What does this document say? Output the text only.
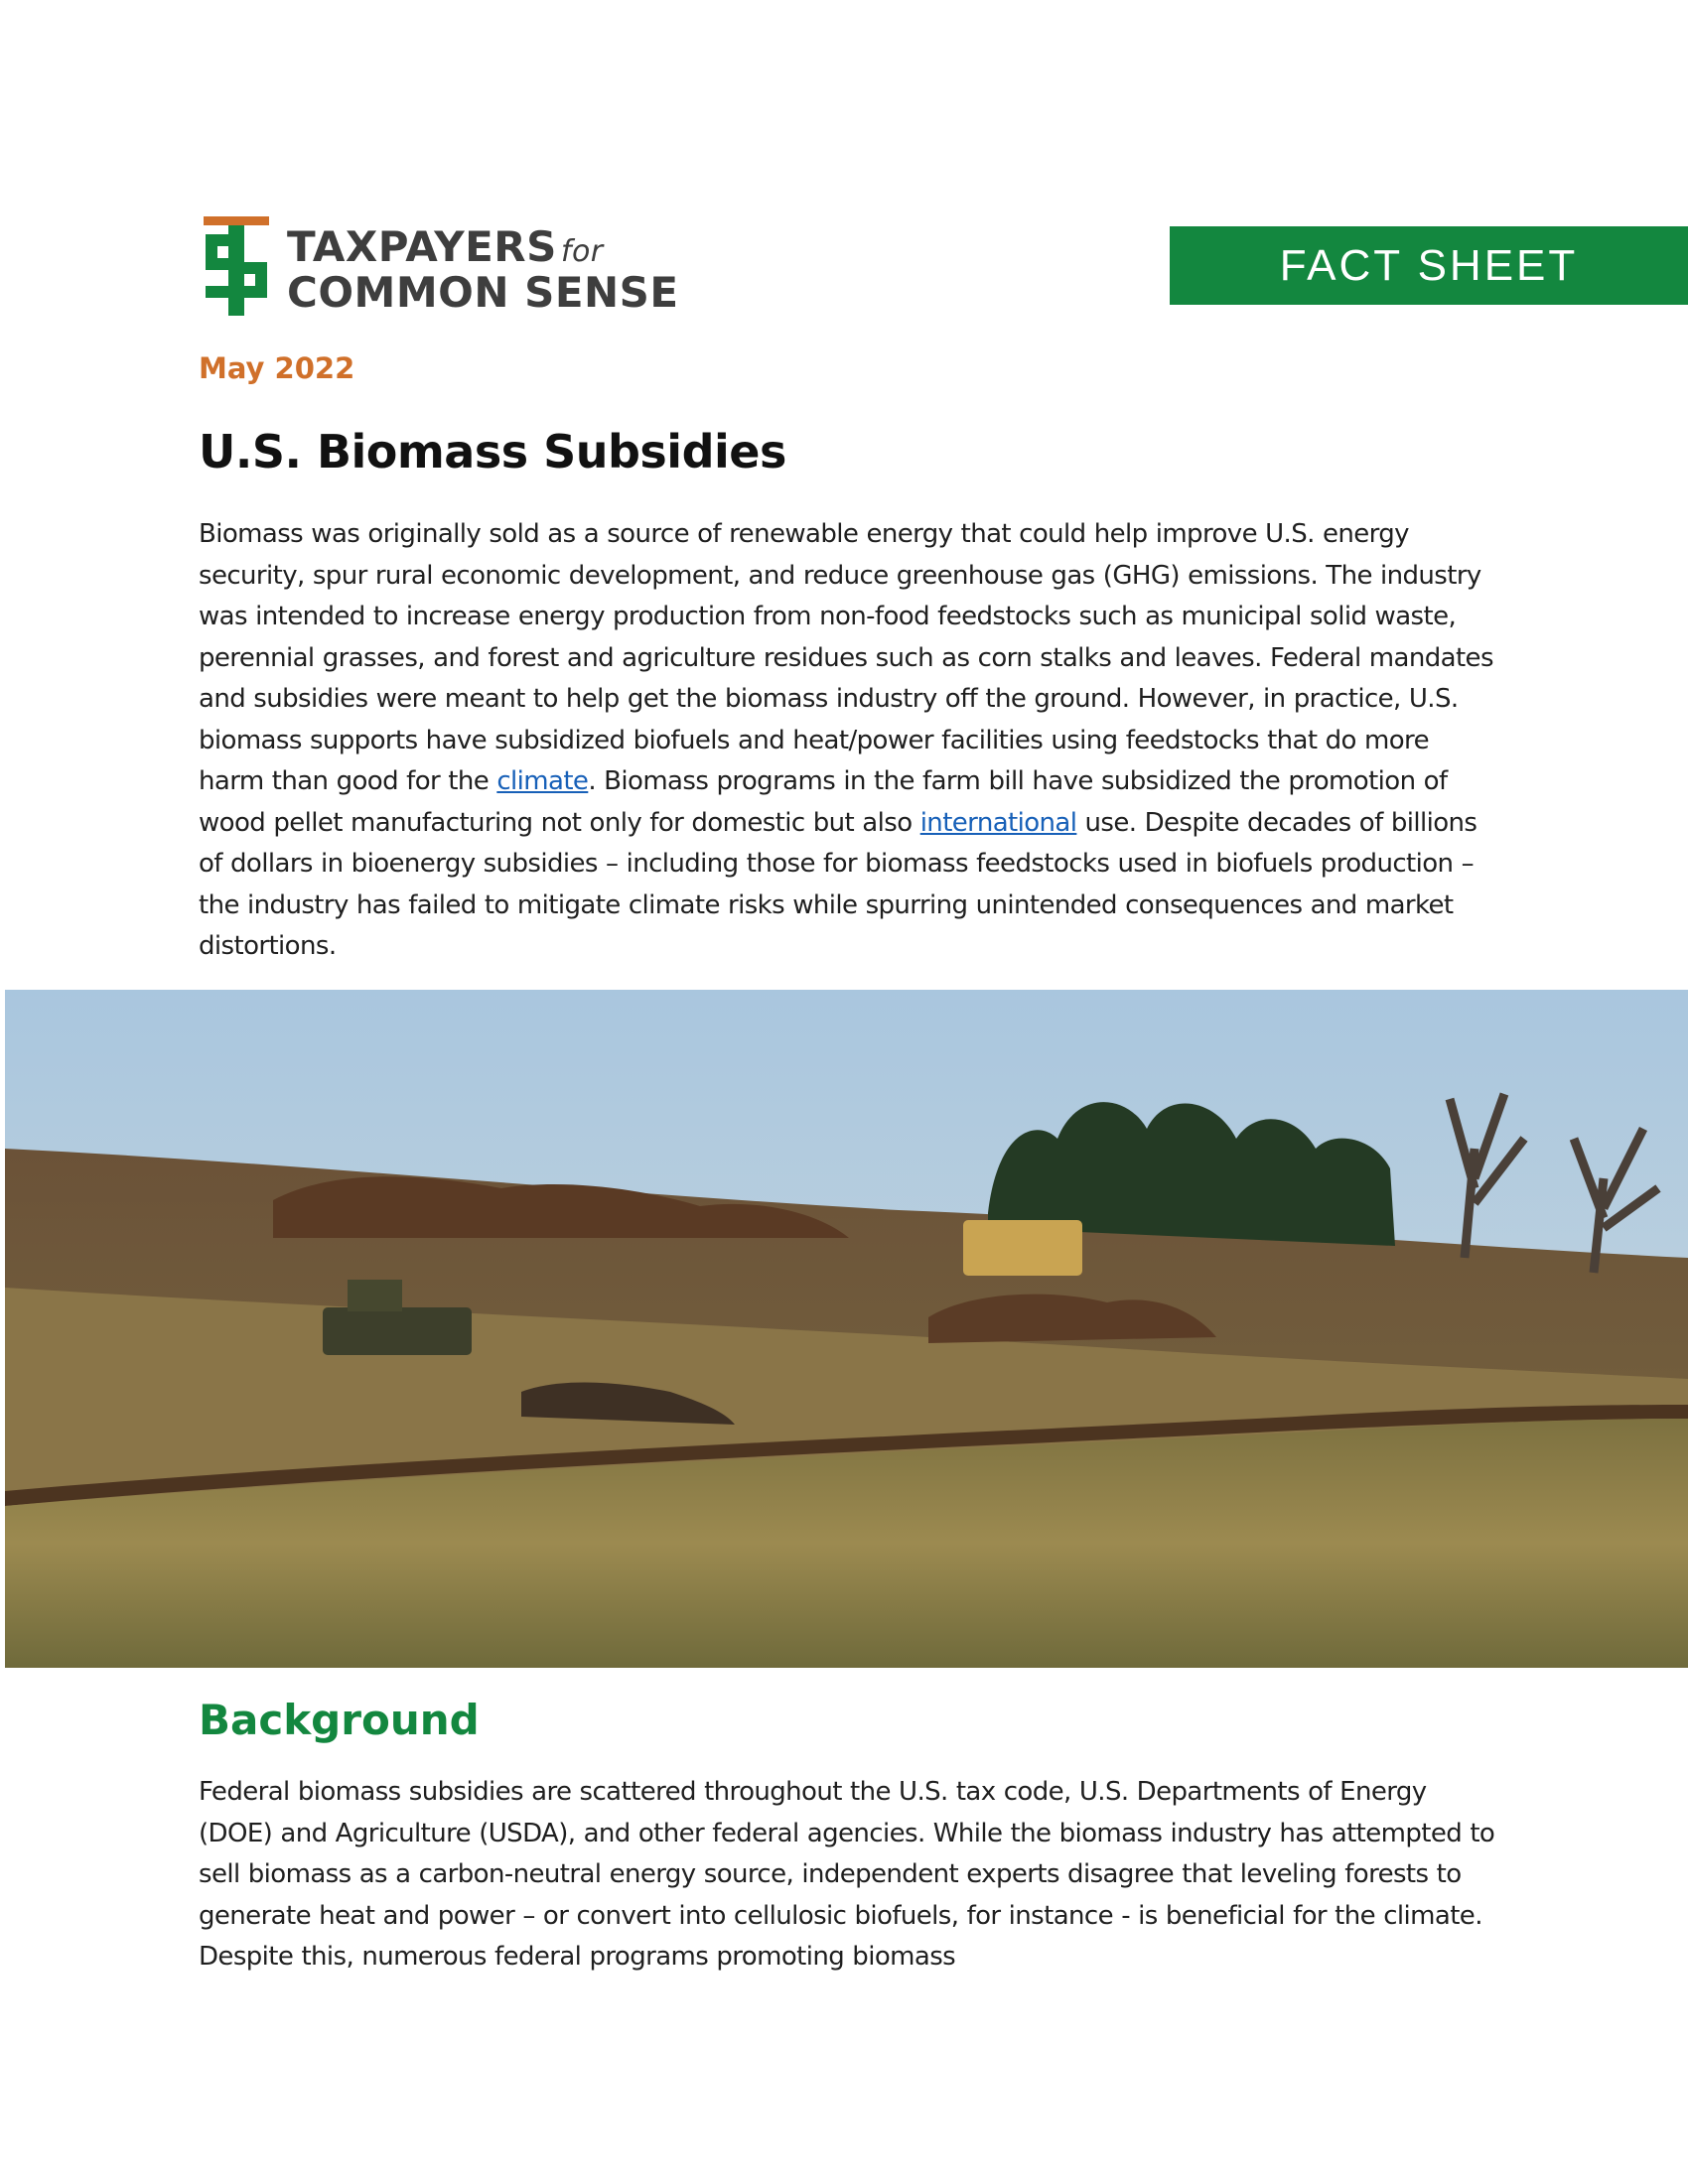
TAXPAYERS for
COMMON SENSE
FACT SHEET
May 2022
U.S. Biomass Subsidies

Biomass was originally sold as a source of renewable energy that could help improve U.S. energy security, spur rural economic development, and reduce greenhouse gas (GHG) emissions. The industry was intended to increase energy production from non-food feedstocks such as municipal solid waste, perennial grasses, and forest and agriculture residues such as corn stalks and leaves. Federal mandates and subsidies were meant to help get the biomass industry off the ground. However, in practice, U.S. biomass supports have subsidized biofuels and heat/power facilities using feedstocks that do more harm than good for the climate. Biomass programs in the farm bill have subsidized the promotion of wood pellet manufacturing not only for domestic but also international use. Despite decades of billions of dollars in bioenergy subsidies – including those for biomass feedstocks used in biofuels production – the industry has failed to mitigate climate risks while spurring unintended consequences and market distortions.

Background

Federal biomass subsidies are scattered throughout the U.S. tax code, U.S. Departments of Energy (DOE) and Agriculture (USDA), and other federal agencies. While the biomass industry has attempted to sell biomass as a carbon-neutral energy source, independent experts disagree that leveling forests to generate heat and power – or convert into cellulosic biofuels, for instance - is beneficial for the climate. Despite this, numerous federal programs promoting biomass
